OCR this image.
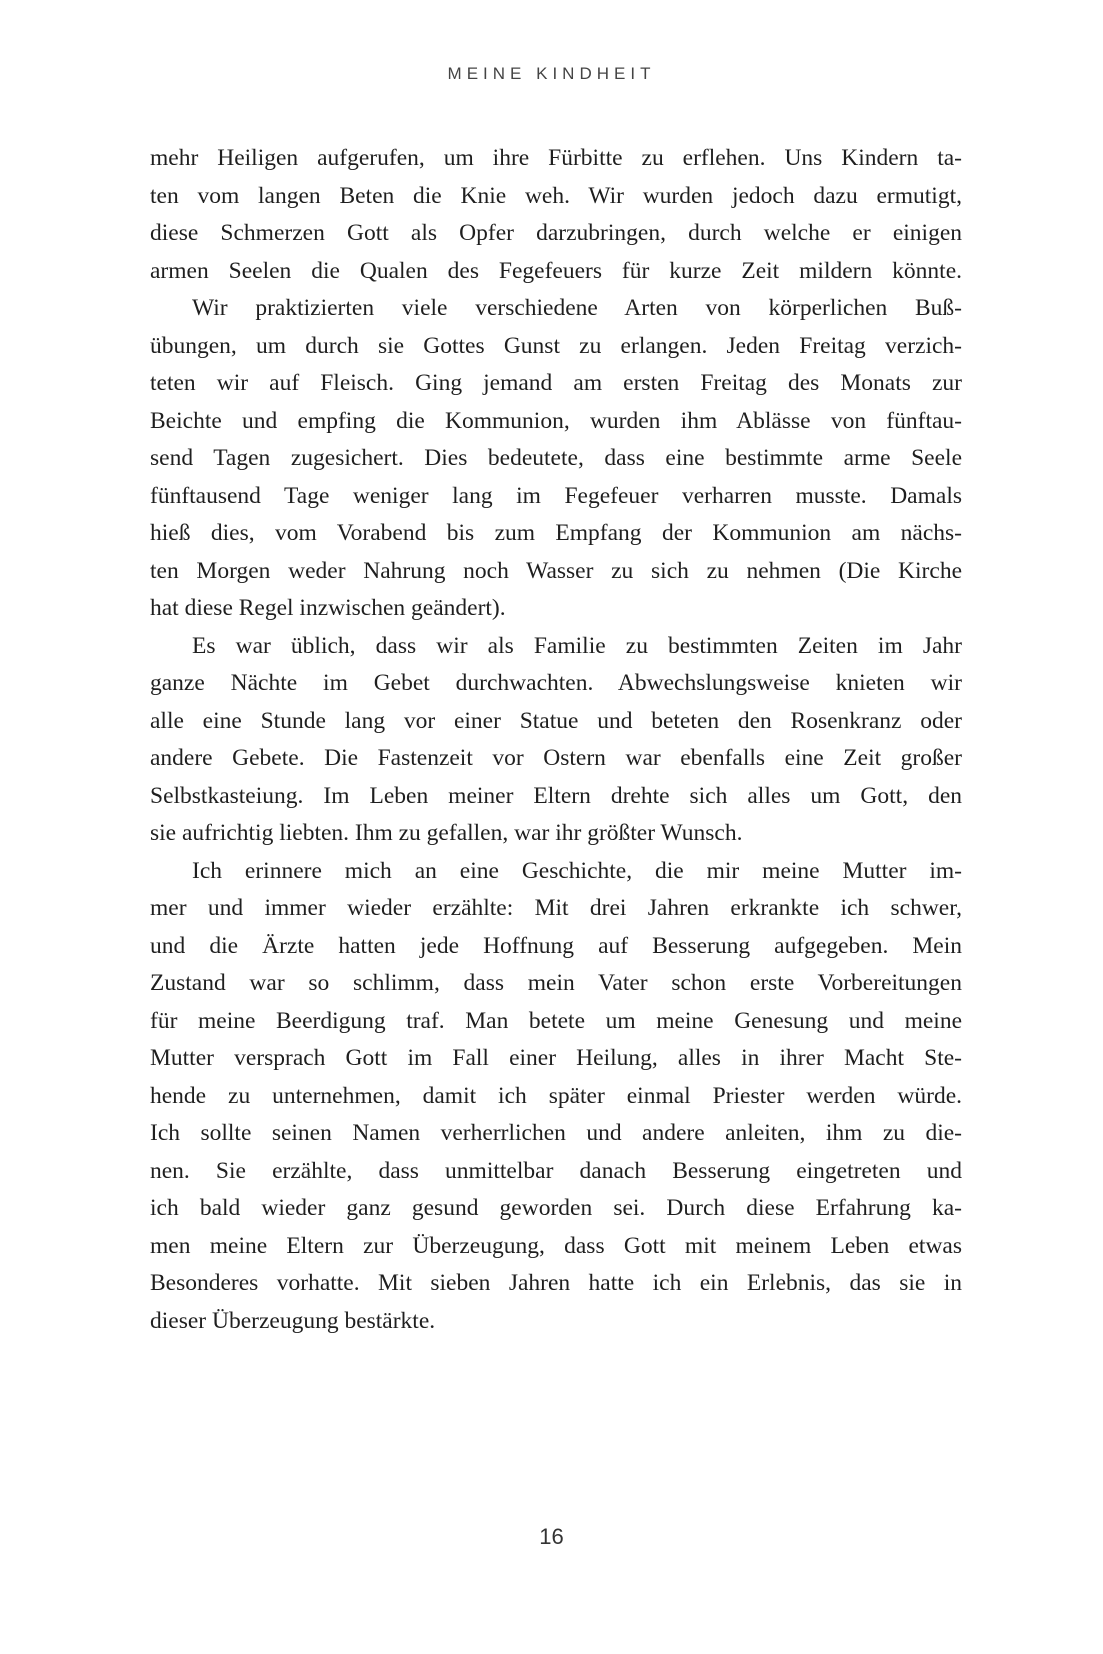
MEINE KINDHEIT
mehr Heiligen aufgerufen, um ihre Fürbitte zu erflehen. Uns Kindern ta-
ten vom langen Beten die Knie weh. Wir wurden jedoch dazu ermutigt,
diese Schmerzen Gott als Opfer darzubringen, durch welche er einigen
armen Seelen die Qualen des Fegefeuers für kurze Zeit mildern könnte.
Wir praktizierten viele verschiedene Arten von körperlichen Buß-
übungen, um durch sie Gottes Gunst zu erlangen. Jeden Freitag verzich-
teten wir auf Fleisch. Ging jemand am ersten Freitag des Monats zur
Beichte und empfing die Kommunion, wurden ihm Ablässe von fünftau-
send Tagen zugesichert. Dies bedeutete, dass eine bestimmte arme Seele
fünftausend Tage weniger lang im Fegefeuer verharren musste. Damals
hieß dies, vom Vorabend bis zum Empfang der Kommunion am nächs-
ten Morgen weder Nahrung noch Wasser zu sich zu nehmen (Die Kirche
hat diese Regel inzwischen geändert).
Es war üblich, dass wir als Familie zu bestimmten Zeiten im Jahr
ganze Nächte im Gebet durchwachten. Abwechslungsweise knieten wir
alle eine Stunde lang vor einer Statue und beteten den Rosenkranz oder
andere Gebete. Die Fastenzeit vor Ostern war ebenfalls eine Zeit großer
Selbstkasteiung. Im Leben meiner Eltern drehte sich alles um Gott, den
sie aufrichtig liebten. Ihm zu gefallen, war ihr größter Wunsch.
Ich erinnere mich an eine Geschichte, die mir meine Mutter im-
mer und immer wieder erzählte: Mit drei Jahren erkrankte ich schwer,
und die Ärzte hatten jede Hoffnung auf Besserung aufgegeben. Mein
Zustand war so schlimm, dass mein Vater schon erste Vorbereitungen
für meine Beerdigung traf. Man betete um meine Genesung und meine
Mutter versprach Gott im Fall einer Heilung, alles in ihrer Macht Ste-
hende zu unternehmen, damit ich später einmal Priester werden würde.
Ich sollte seinen Namen verherrlichen und andere anleiten, ihm zu die-
nen. Sie erzählte, dass unmittelbar danach Besserung eingetreten und
ich bald wieder ganz gesund geworden sei. Durch diese Erfahrung ka-
men meine Eltern zur Überzeugung, dass Gott mit meinem Leben etwas
Besonderes vorhatte. Mit sieben Jahren hatte ich ein Erlebnis, das sie in
dieser Überzeugung bestärkte.
16
